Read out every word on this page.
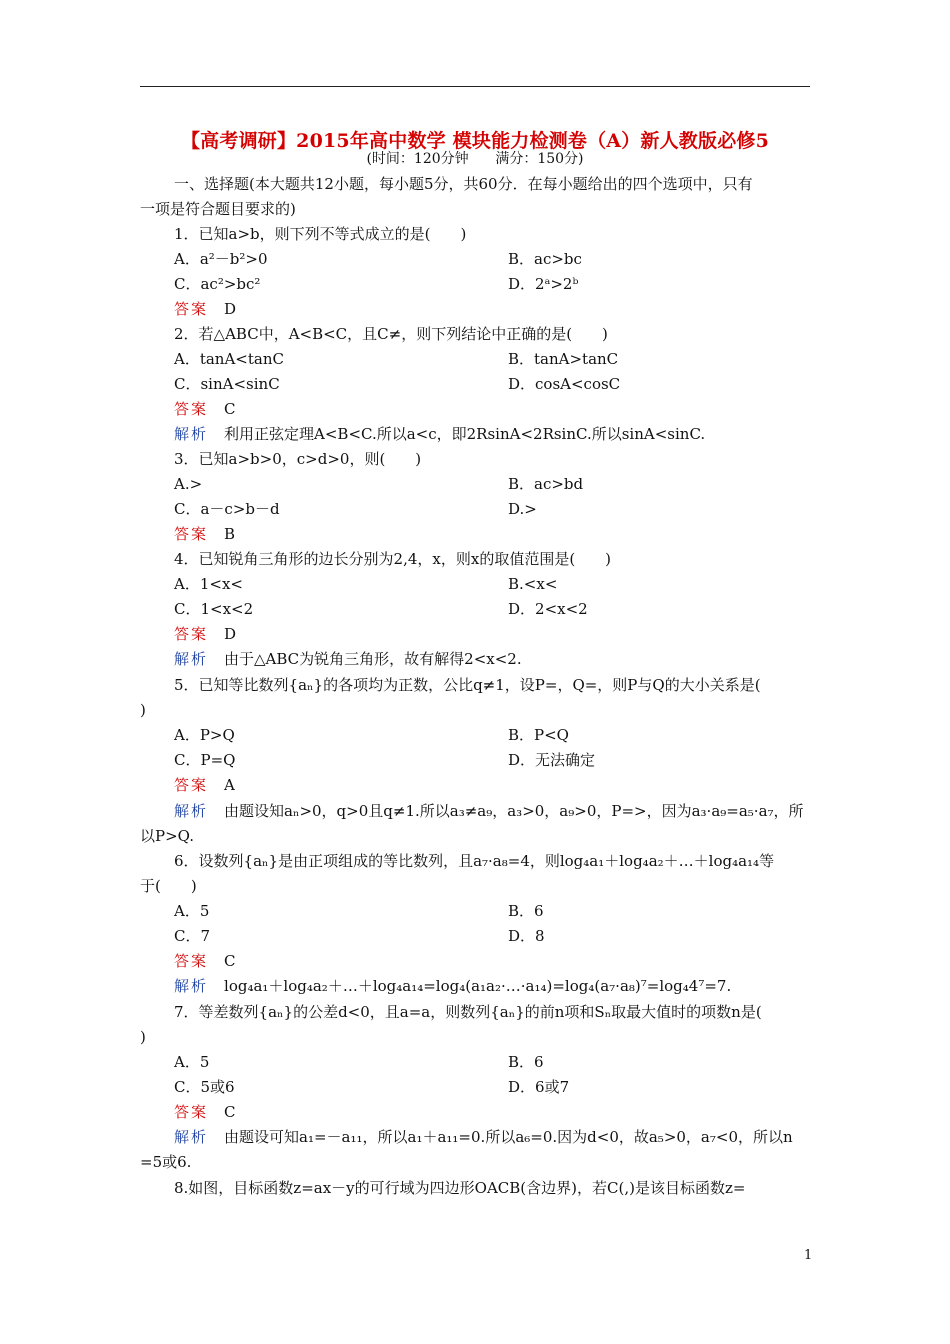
【高考调研】2015年高中数学 模块能力检测卷（A）新人教版必修5
(时间：120分钟      满分：150分)
一、选择题(本大题共12小题，每小题5分，共60分．在每小题给出的四个选项中，只有
一项是符合题目要求的)
1．已知a>b，则下列不等式成立的是(　　)
A．a²－b²>0	B．ac>bc
C．ac²>bc²	D．2ᵃ>2ᵇ
答案 D
2．若△ABC中，A<B<C，且C≠，则下列结论中正确的是(　　)
A．tanA<tanC	B．tanA>tanC
C．sinA<sinC	D．cosA<cosC
答案 C
解析 利用正弦定理A<B<C.所以a<c，即2RsinA<2RsinC.所以sinA<sinC.
3．已知a>b>0，c>d>0，则(　　)
A.>	B．ac>bd
C．a－c>b－d	D.>
答案 B
4．已知锐角三角形的边长分别为2,4，x，则x的取值范围是(　　)
A．1<x<	B.<x<
C．1<x<2	D．2<x<2
答案 D
解析 由于△ABC为锐角三角形，故有解得2<x<2.
5．已知等比数列{aₙ}的各项均为正数，公比q≠1，设P=，Q=，则P与Q的大小关系是(
)
A．P>Q	B．P<Q
C．P=Q	D．无法确定
答案 A
解析 由题设知aₙ>0，q>0且q≠1.所以a₃≠a₉，a₃>0，a₉>0，P=>，因为a₃·a₉=a₅·a₇，所
以P>Q.
6．设数列{aₙ}是由正项组成的等比数列，且a₇·a₈=4，则log₄a₁＋log₄a₂＋…＋log₄a₁₄等
于(　　)
A．5	B．6
C．7	D．8
答案 C
解析 log₄a₁＋log₄a₂＋…＋log₄a₁₄=log₄(a₁a₂·…·a₁₄)=log₄(a₇·a₈)⁷=log₄4⁷=7.
7．等差数列{aₙ}的公差d<0，且a=a，则数列{aₙ}的前n项和Sₙ取最大值时的项数n是(
)
A．5	B．6
C．5或6	D．6或7
答案 C
解析 由题设可知a₁=－a₁₁，所以a₁＋a₁₁=0.所以a₆=0.因为d<0，故a₅>0，a₇<0，所以n
=5或6.
8.如图，目标函数z=ax－y的可行域为四边形OACB(含边界)，若C(,)是该目标函数z=
1
